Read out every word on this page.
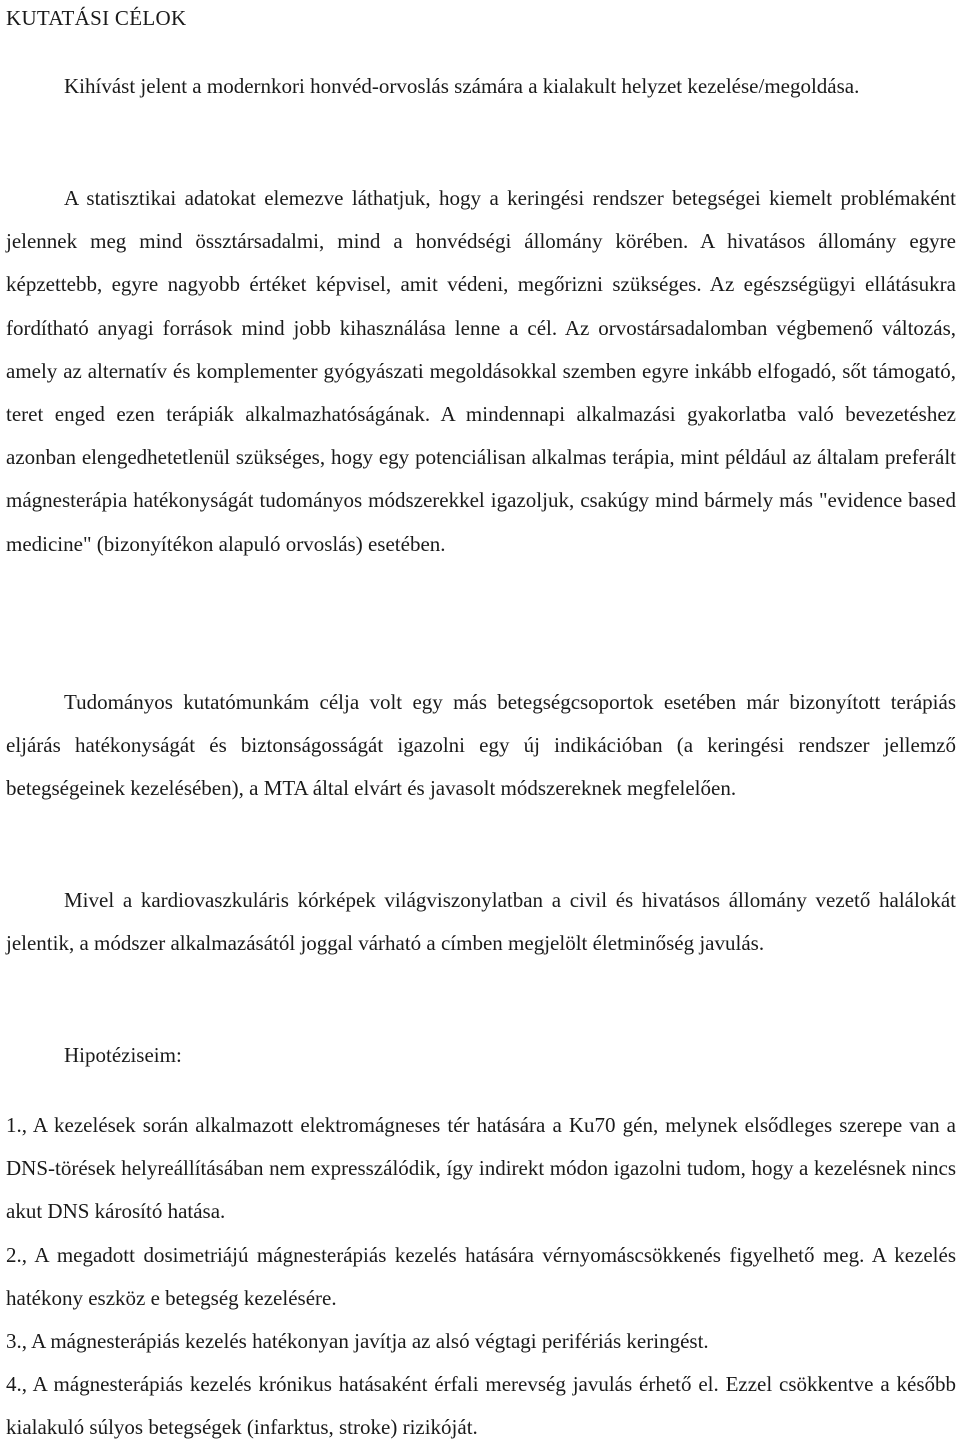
KUTATÁSI CÉLOK

Kihívást jelent a modernkori honvéd-orvoslás számára a kialakult helyzet kezelése/megoldása.

A statisztikai adatokat elemezve láthatjuk, hogy a keringési rendszer betegségei kiemelt problémaként jelennek meg mind össztársadalmi, mind a honvédségi állomány körében. A hivatásos állomány egyre képzettebb, egyre nagyobb értéket képvisel, amit védeni, megőrizni szükséges. Az egészségügyi ellátásukra fordítható anyagi források mind jobb kihasználása lenne a cél. Az orvostársadalomban végbemenő változás, amely az alternatív és komplementer gyógyászati megoldásokkal szemben egyre inkább elfogadó, sőt támogató, teret enged ezen terápiák alkalmazhatóságának. A mindennapi alkalmazási gyakorlatba való bevezetéshez azonban elengedhetetlenül szükséges, hogy egy potenciálisan alkalmas terápia, mint például az általam preferált mágnesterápia hatékonyságát tudományos módszerekkel igazoljuk, csakúgy mind bármely más "evidence based medicine" (bizonyítékon alapuló orvoslás) esetében.

Tudományos kutatómunkám célja volt egy más betegségcsoportok esetében már bizonyított terápiás eljárás hatékonyságát és biztonságosságát igazolni egy új indikációban (a keringési rendszer jellemző betegségeinek kezelésében), a MTA által elvárt és javasolt módszereknek megfelelően.

Mivel a kardiovaszkuláris kórképek világviszonylatban a civil és hivatásos állomány vezető halálokát jelentik, a módszer alkalmazásától joggal várható a címben megjelölt életminőség javulás.

Hipotéziseim:

1., A kezelések során alkalmazott elektromágneses tér hatására a Ku70 gén, melynek elsődleges szerepe van a DNS-törések helyreállításában nem expresszálódik, így indirekt módon igazolni tudom, hogy a kezelésnek nincs akut DNS károsító hatása.
2., A megadott dosimetriájú mágnesterápiás kezelés hatására vérnyomáscsökkenés figyelhető meg. A kezelés hatékony eszköz e betegség kezelésére.
3., A mágnesterápiás kezelés hatékonyan javítja az alsó végtagi perifériás keringést.
4., A mágnesterápiás kezelés krónikus hatásaként érfali merevség javulás érhető el. Ezzel csökkentve a később kialakuló súlyos betegségek (infarktus, stroke) rizikóját.
